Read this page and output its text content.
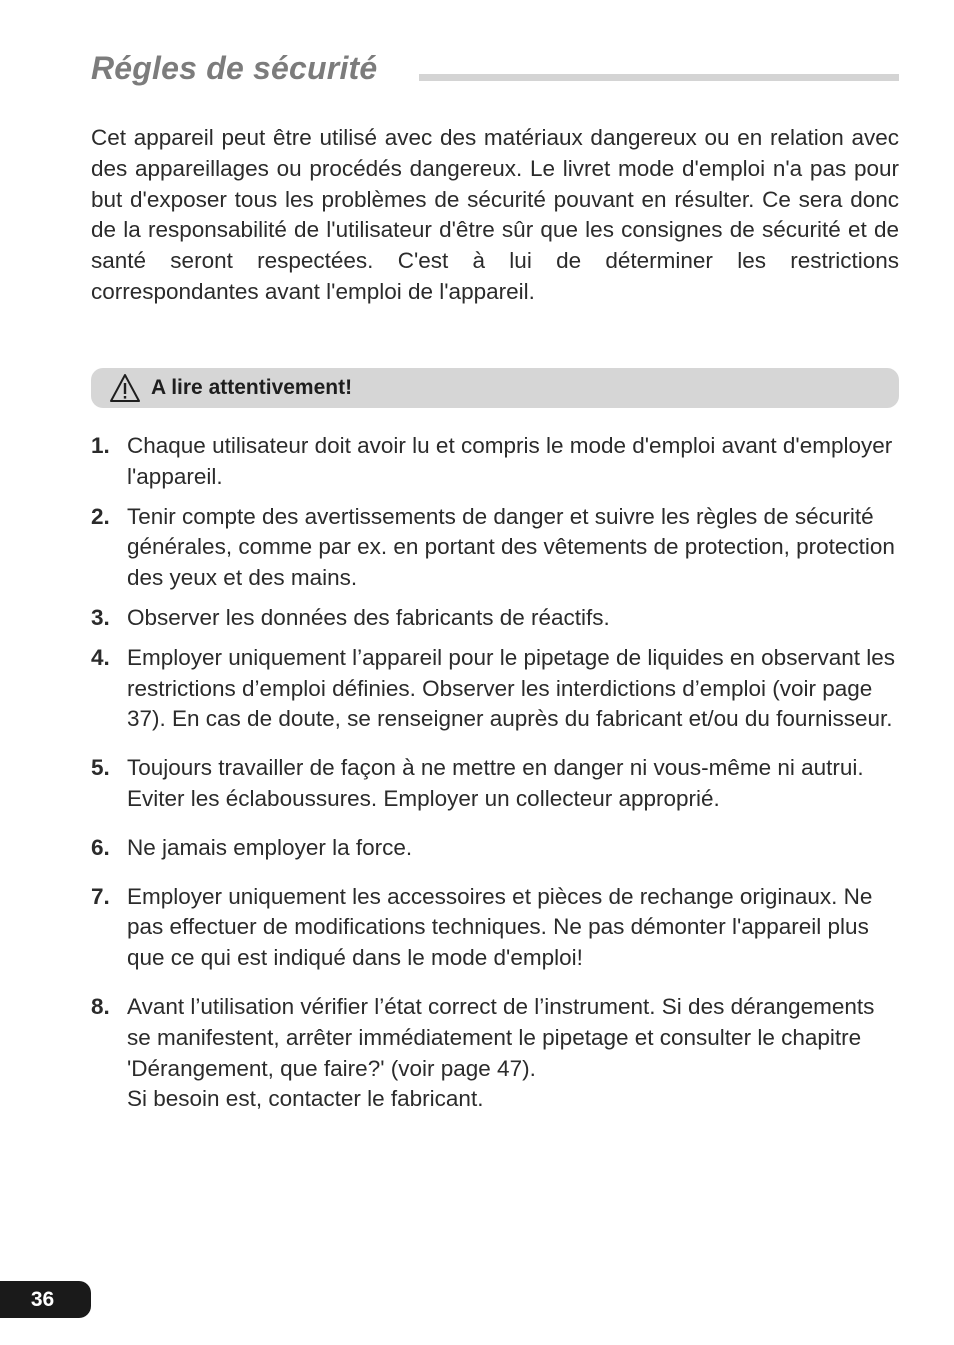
Régles de sécurité

Cet appareil peut être utilisé avec des matériaux dangereux ou en relation avec des appareillages ou procédés dangereux. Le livret mode d'emploi n'a pas pour but d'exposer tous les problèmes de sécurité pouvant en résulter. Ce sera donc de la responsabilité de l'utilisateur d'être sûr que les consignes de sécurité et de santé seront respectées. C'est à lui de déterminer les restrictions correspondantes avant l'emploi de l'appareil.

A lire attentivement!
1. Chaque utilisateur doit avoir lu et compris le mode d'emploi avant d'employer l'appareil.
2. Tenir compte des avertissements de danger et suivre les règles de sécurité générales, comme par ex. en portant des vêtements de protection, protection des yeux et des mains.
3. Observer les données des fabricants de réactifs.
4. Employer uniquement l’appareil pour le pipetage de liquides en observant les restrictions d’emploi définies. Observer les interdictions d’emploi (voir page 37). En cas de doute, se renseigner auprès du fabricant et/ou du fournisseur.
5. Toujours travailler de façon à ne mettre en danger ni vous-même ni autrui. Eviter les éclaboussures. Employer un collecteur approprié.
6. Ne jamais employer la force.
7. Employer uniquement les accessoires et pièces de rechange originaux. Ne pas effectuer de modifications techniques. Ne pas démonter l'appareil plus que ce qui est indiqué dans le mode d'emploi!
8. Avant l’utilisation vérifier l’état correct de l’instrument. Si des dérangements se manifestent, arrêter immédiatement le pipetage et consulter le chapitre 'Dérangement, que faire?' (voir page 47).
Si besoin est, contacter le fabricant.
36
